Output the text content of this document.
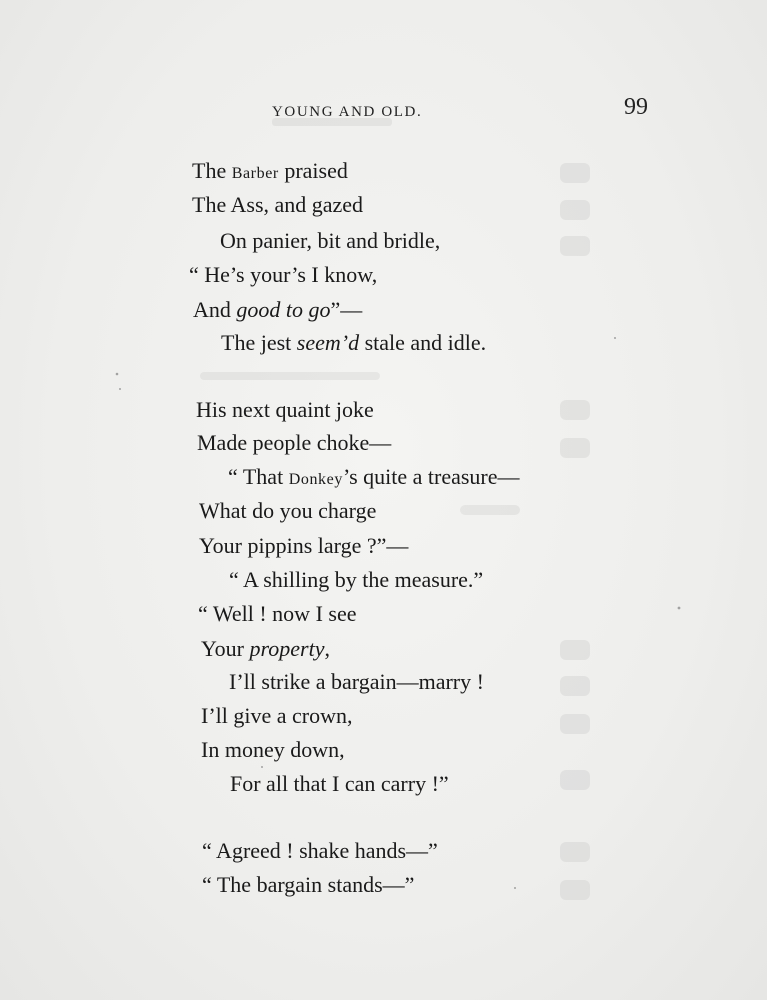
YOUNG AND OLD.	99
The Barber praised
The Ass, and gazed
On panier, bit and bridle,
“ He’s your’s I know,
And good to go”—
The jest seem’d stale and idle.
His next quaint joke
Made people choke—
“ That Donkey’s quite a treasure—
What do you charge
Your pippins large ?”—
“ A shilling by the measure.”
“ Well ! now I see
Your property,
I’ll strike a bargain—marry !
I’ll give a crown,
In money down,
For all that I can carry !”
“ Agreed ! shake hands—”
“ The bargain stands—”
